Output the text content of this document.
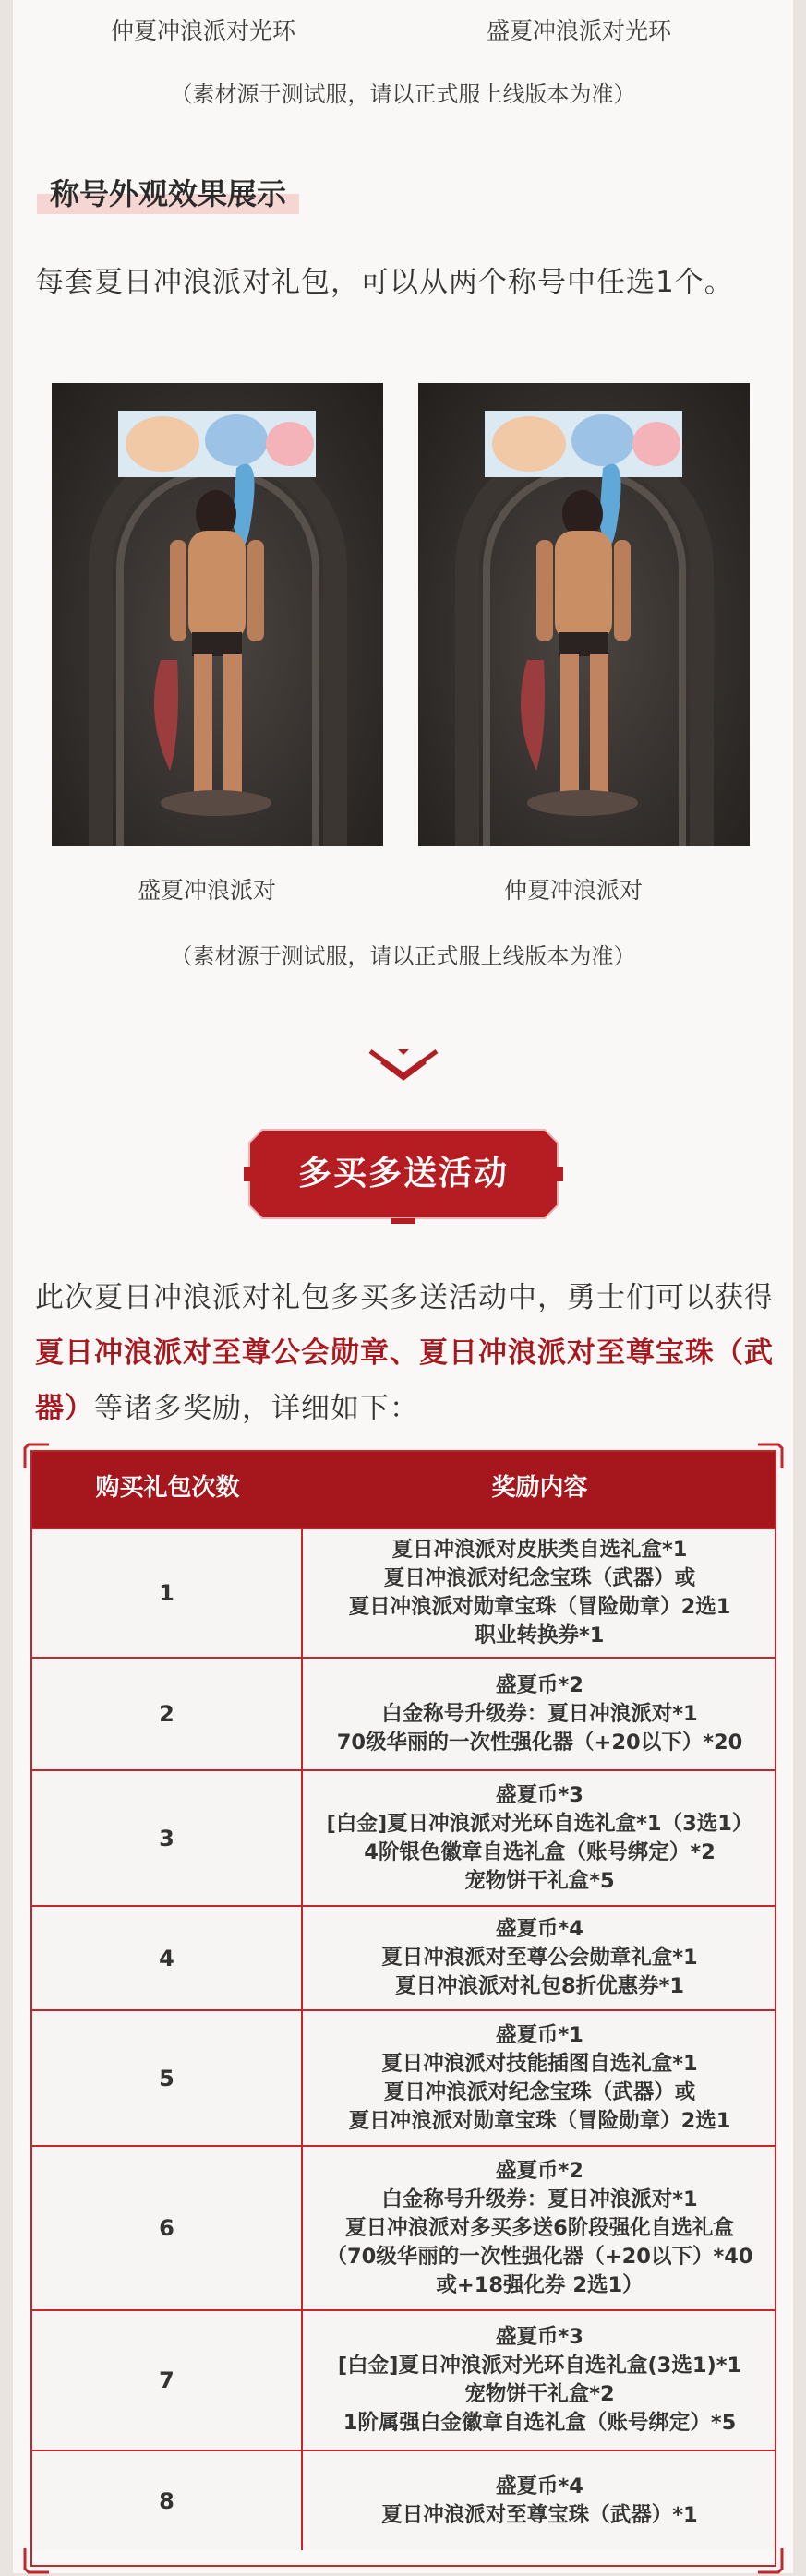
仲夏冲浪派对光环	盛夏冲浪派对光环
（素材源于测试服，请以正式服上线版本为准）
称号外观效果展示
每套夏日冲浪派对礼包，可以从两个称号中任选1个。
盛夏冲浪派对	仲夏冲浪派对
（素材源于测试服，请以正式服上线版本为准）
多买多送活动
此次夏日冲浪派对礼包多买多送活动中，勇士们可以获得夏日冲浪派对至尊公会勋章、夏日冲浪派对至尊宝珠（武器）等诸多奖励，详细如下：
购买礼包次数	奖励内容
1
夏日冲浪派对皮肤类自选礼盒*1
夏日冲浪派对纪念宝珠（武器）或
夏日冲浪派对勋章宝珠（冒险勋章）2选1
职业转换券*1
2
盛夏币*2
白金称号升级券：夏日冲浪派对*1
70级华丽的一次性强化器（+20以下）*20
3
盛夏币*3
[白金]夏日冲浪派对光环自选礼盒*1（3选1）
4阶银色徽章自选礼盒（账号绑定）*2
宠物饼干礼盒*5
4
盛夏币*4
夏日冲浪派对至尊公会勋章礼盒*1
夏日冲浪派对礼包8折优惠券*1
5
盛夏币*1
夏日冲浪派对技能插图自选礼盒*1
夏日冲浪派对纪念宝珠（武器）或
夏日冲浪派对勋章宝珠（冒险勋章）2选1
6
盛夏币*2
白金称号升级券：夏日冲浪派对*1
夏日冲浪派对多买多送6阶段强化自选礼盒
（70级华丽的一次性强化器（+20以下）*40
或+18强化券 2选1）
7
盛夏币*3
[白金]夏日冲浪派对光环自选礼盒(3选1)*1
宠物饼干礼盒*2
1阶属强白金徽章自选礼盒（账号绑定）*5
8
盛夏币*4
夏日冲浪派对至尊宝珠（武器）*1
